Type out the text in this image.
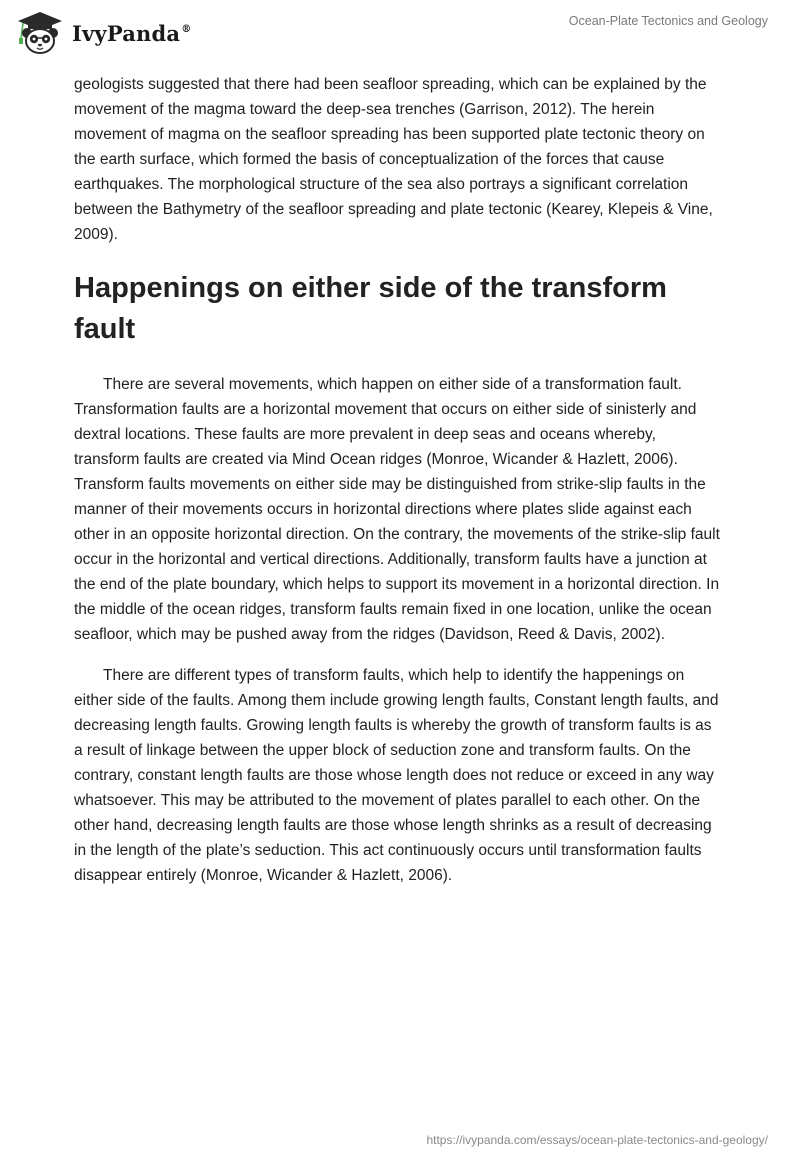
IvyPanda®
Ocean-Plate Tectonics and Geology

geologists suggested that there had been seafloor spreading, which can be explained by the movement of the magma toward the deep-sea trenches (Garrison, 2012). The herein movement of magma on the seafloor spreading has been supported plate tectonic theory on the earth surface, which formed the basis of conceptualization of the forces that cause earthquakes. The morphological structure of the sea also portrays a significant correlation between the Bathymetry of the seafloor spreading and plate tectonic (Kearey, Klepeis & Vine, 2009).

Happenings on either side of the transform fault

There are several movements, which happen on either side of a transformation fault. Transformation faults are a horizontal movement that occurs on either side of sinisterly and dextral locations. These faults are more prevalent in deep seas and oceans whereby, transform faults are created via Mind Ocean ridges (Monroe, Wicander & Hazlett, 2006). Transform faults movements on either side may be distinguished from strike-slip faults in the manner of their movements occurs in horizontal directions where plates slide against each other in an opposite horizontal direction. On the contrary, the movements of the strike-slip fault occur in the horizontal and vertical directions. Additionally, transform faults have a junction at the end of the plate boundary, which helps to support its movement in a horizontal direction. In the middle of the ocean ridges, transform faults remain fixed in one location, unlike the ocean seafloor, which may be pushed away from the ridges (Davidson, Reed & Davis, 2002).

There are different types of transform faults, which help to identify the happenings on either side of the faults. Among them include growing length faults, Constant length faults, and decreasing length faults. Growing length faults is whereby the growth of transform faults is as a result of linkage between the upper block of seduction zone and transform faults. On the contrary, constant length faults are those whose length does not reduce or exceed in any way whatsoever. This may be attributed to the movement of plates parallel to each other. On the other hand, decreasing length faults are those whose length shrinks as a result of decreasing in the length of the plate’s seduction. This act continuously occurs until transformation faults disappear entirely (Monroe, Wicander & Hazlett, 2006).

https://ivypanda.com/essays/ocean-plate-tectonics-and-geology/
